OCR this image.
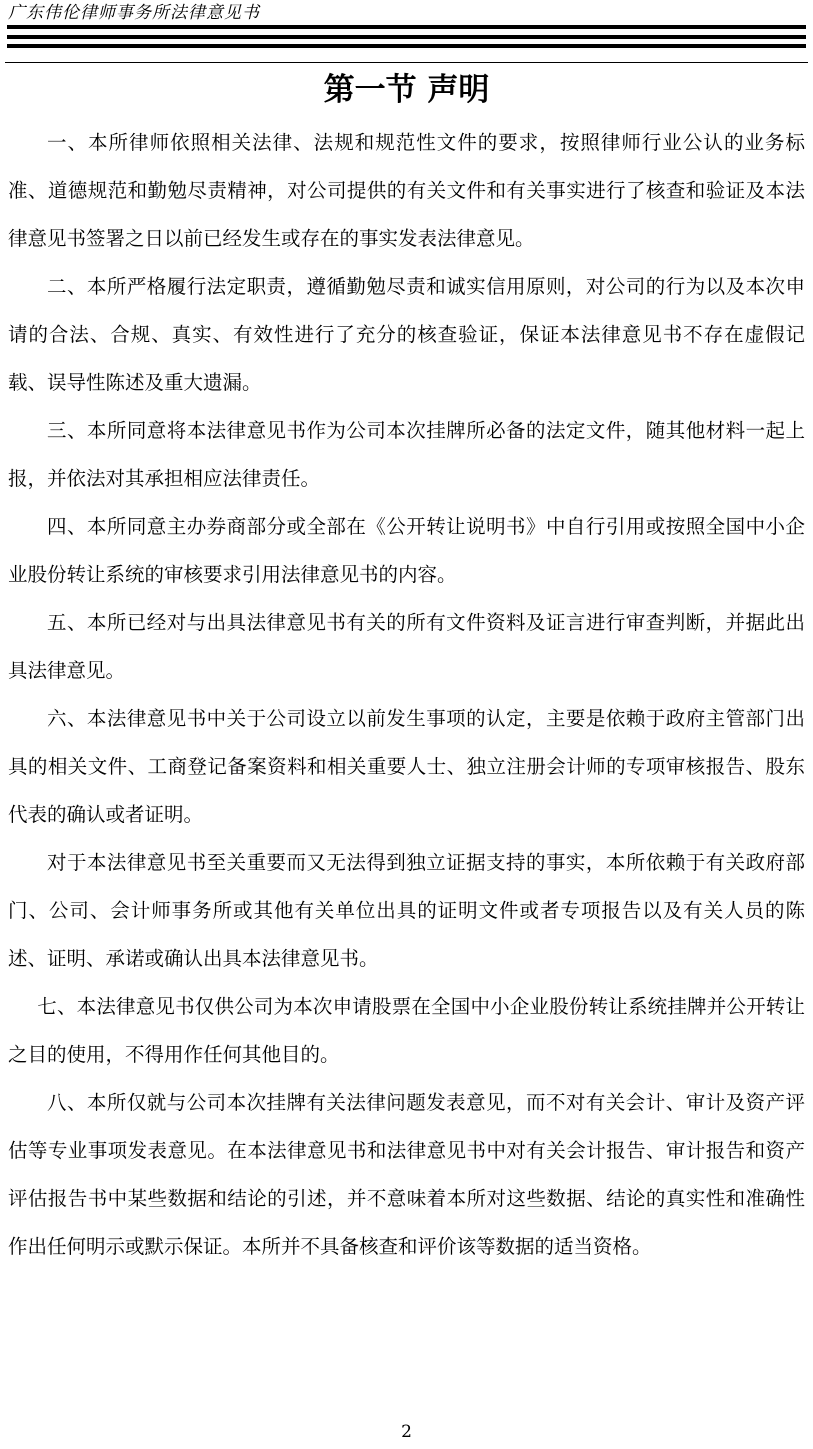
广东伟伦律师事务所法律意见书
第一节 声明

一、本所律师依照相关法律、法规和规范性文件的要求，按照律师行业公认的业务标准、道德规范和勤勉尽责精神，对公司提供的有关文件和有关事实进行了核查和验证及本法律意见书签署之日以前已经发生或存在的事实发表法律意见。

二、本所严格履行法定职责，遵循勤勉尽责和诚实信用原则，对公司的行为以及本次申请的合法、合规、真实、有效性进行了充分的核查验证，保证本法律意见书不存在虚假记载、误导性陈述及重大遗漏。

三、本所同意将本法律意见书作为公司本次挂牌所必备的法定文件，随其他材料一起上报，并依法对其承担相应法律责任。

四、本所同意主办券商部分或全部在《公开转让说明书》中自行引用或按照全国中小企业股份转让系统的审核要求引用法律意见书的内容。

五、本所已经对与出具法律意见书有关的所有文件资料及证言进行审查判断，并据此出具法律意见。

六、本法律意见书中关于公司设立以前发生事项的认定，主要是依赖于政府主管部门出具的相关文件、工商登记备案资料和相关重要人士、独立注册会计师的专项审核报告、股东代表的确认或者证明。

对于本法律意见书至关重要而又无法得到独立证据支持的事实，本所依赖于有关政府部门、公司、会计师事务所或其他有关单位出具的证明文件或者专项报告以及有关人员的陈述、证明、承诺或确认出具本法律意见书。

七、本法律意见书仅供公司为本次申请股票在全国中小企业股份转让系统挂牌并公开转让之目的使用，不得用作任何其他目的。

八、本所仅就与公司本次挂牌有关法律问题发表意见，而不对有关会计、审计及资产评估等专业事项发表意见。在本法律意见书和法律意见书中对有关会计报告、审计报告和资产评估报告书中某些数据和结论的引述，并不意味着本所对这些数据、结论的真实性和准确性作出任何明示或默示保证。本所并不具备核查和评价该等数据的适当资格。

2
